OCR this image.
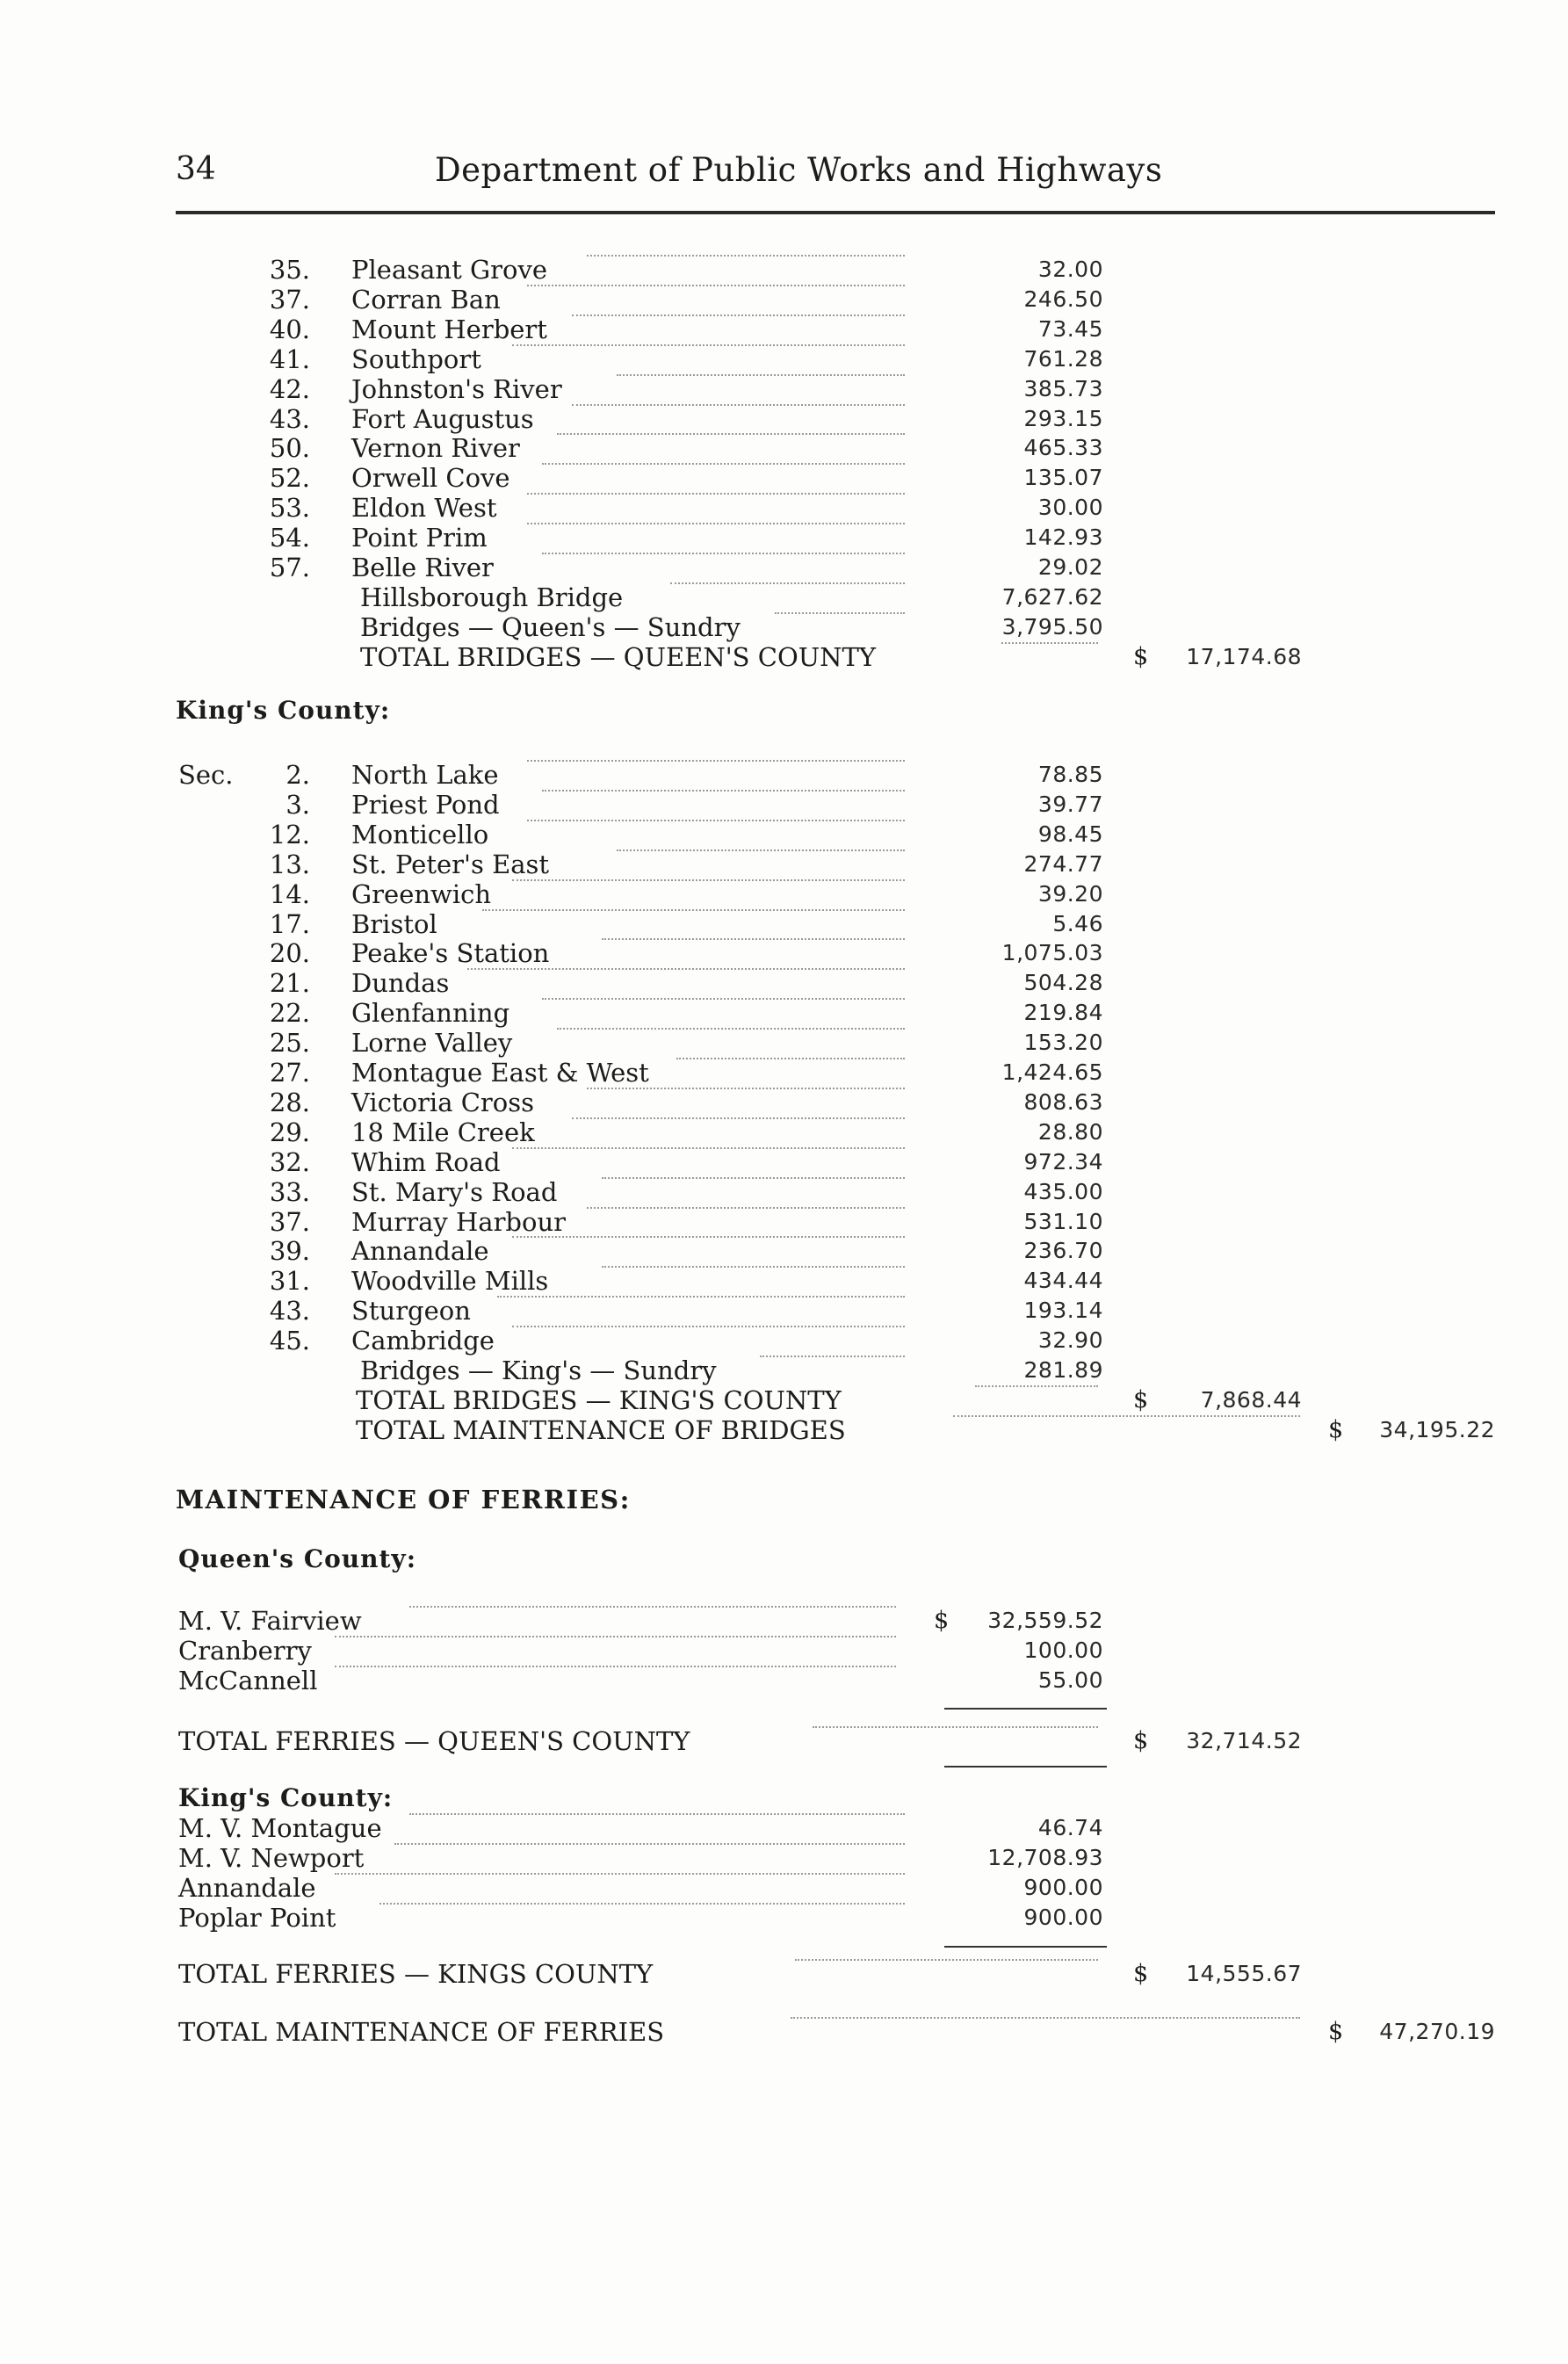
34	Department of Public Works and Highways
35. Pleasant Grove	32.00
37. Corran Ban	246.50
40. Mount Herbert	73.45
41. Southport	761.28
42. Johnston's River	385.73
43. Fort Augustus	293.15
50. Vernon River	465.33
52. Orwell Cove	135.07
53. Eldon West	30.00
54. Point Prim	142.93
57. Belle River	29.02
Hillsborough Bridge	7,627.62
Bridges — Queen's — Sundry	3,795.50
TOTAL BRIDGES — QUEEN'S COUNTY	$	17,174.68
King's County:
Sec.	2. North Lake	78.85
3. Priest Pond	39.77
12. Monticello	98.45
13. St. Peter's East	274.77
14. Greenwich	39.20
17. Bristol	5.46
20. Peake's Station	1,075.03
21. Dundas	504.28
22. Glenfanning	219.84
25. Lorne Valley	153.20
27. Montague East & West	1,424.65
28. Victoria Cross	808.63
29. 18 Mile Creek	28.80
32. Whim Road	972.34
33. St. Mary's Road	435.00
37. Murray Harbour	531.10
39. Annandale	236.70
31. Woodville Mills	434.44
43. Sturgeon	193.14
45. Cambridge	32.90
Bridges — King's — Sundry	281.89
TOTAL BRIDGES — KING'S COUNTY	$	7,868.44
TOTAL MAINTENANCE OF BRIDGES	$	34,195.22
MAINTENANCE OF FERRIES:
Queen's County:
M. V. Fairview	$	32,559.52
Cranberry	100.00
McCannell	55.00
TOTAL FERRIES — QUEEN'S COUNTY	$	32,714.52
King's County:
M. V. Montague	46.74
M. V. Newport	12,708.93
Annandale	900.00
Poplar Point	900.00
TOTAL FERRIES — KINGS COUNTY	$	14,555.67
TOTAL MAINTENANCE OF FERRIES	$	47,270.19
